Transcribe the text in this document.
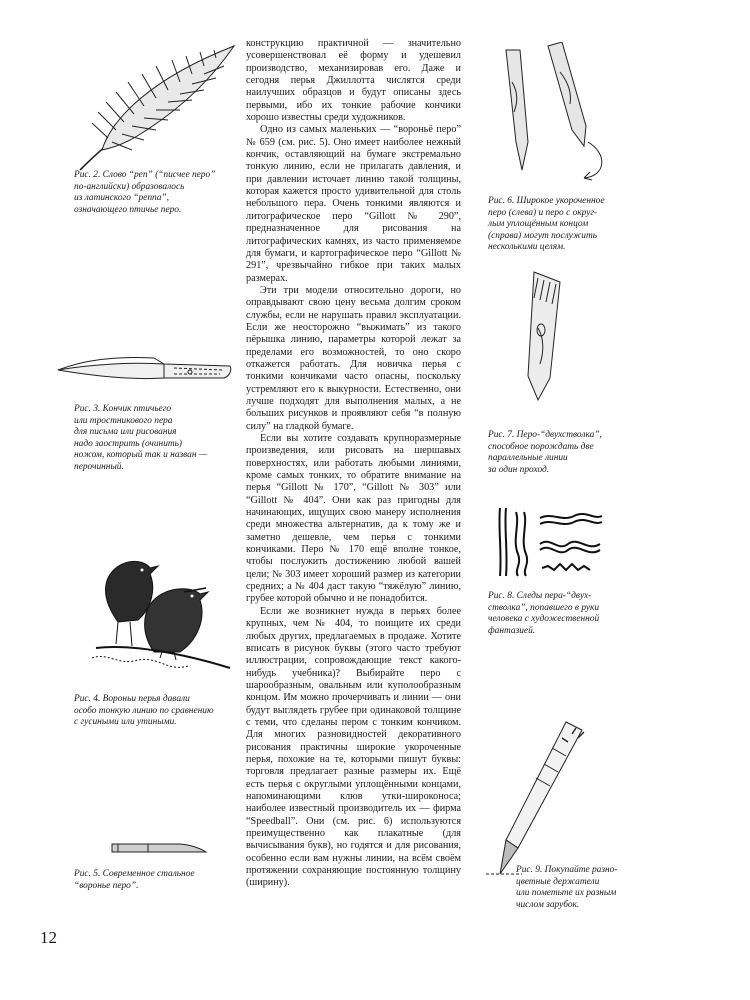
Рис. 2. Слово “pen” (“писчее перо”
по-английски) образовалось
из латинского “penna”,
означающего птичье перо.
Рис. 3. Кончик птичьего
или тростникового пера
для письма или рисования
надо заострить (очинить)
ножом, который так и назван —
перочинный.
Рис. 4. Вороньи перья давали
особо тонкую линию по сравнению
с гусиными или утиными.
Рис. 5. Современное стальное
“воронье перо”.

конструкцию практичной — значительно усовершенствовал её форму и удешевил производство, механизировав его. Даже и сегодня перья Джиллотта числятся среди наилучших образцов и будут описаны здесь первыми, ибо их тонкие рабочие кончики хорошо известны среди художников.

Одно из самых маленьких — “вороньё перо” № 659 (см. рис. 5). Оно имеет наиболее нежный кончик, оставляющий на бумаге экстремально тонкую линию, если не прилагать давления, и при давлении источает линию такой толщины, которая кажется просто удивительной для столь небольшого пера. Очень тонкими являются и литографическое перо “Gillott № 290”, предназначенное для рисования на литографических камнях, из часто применяемое для бумаги, и картографическое перо “Gillott № 291”, чрезвычайно гибкое при таких малых размерах.

Эти три модели относительно дороги, но оправдывают свою цену весьма долгим сроком службы, если не нарушать правил эксплуатации. Если же неосторожно “выжимать” из такого пёрышка линию, параметры которой лежат за пределами его возможностей, то оно скоро откажется работать. Для новичка перья с тонкими кончиками часто опасны, поскольку устремляют его к выкурности. Естественно, они лучше подходят для выполнения малых, а не больших рисунков и проявляют себя “в полную силу” на гладкой бумаге.

Если вы хотите создавать крупноразмерные произведения, или рисовать на шершавых поверхностях, или работать любыми линиями, кроме самых тонких, то обратите внимание на перья “Gillott № 170”, “Gillott № 303” или “Gillott № 404”. Они как раз пригодны для начинающих, ищущих свою манеру исполнения среди множества альтернатив, да к тому же и заметно дешевле, чем перья с тонкими кончиками. Перо № 170 ещё вполне тонкое, чтобы послужить достижению любой вашей цели; № 303 имеет хороший размер из категории средних; а № 404 даст такую “тяжёлую” линию, грубее которой обычно и не понадобится.

Если же возникнет нужда в перьях более крупных, чем № 404, то поищите их среди любых других, предлагаемых в продаже. Хотите вписать в рисунок буквы (этого часто требуют иллюстрации, сопровождающие текст какого-нибудь учебника)? Выбирайте перо с шарообразным, овальным или куполообразным концом. Им можно прочерчивать и линии — они будут выглядеть грубее при одинаковой толщине с теми, что сделаны пером с тонким кончиком. Для многих разновидностей декоративного рисования практичны широкие укороченные перья, похожие на те, которыми пишут буквы: торговля предлагает разные размеры их. Ещё есть перья с округлыми уплощёнными концами, напоминающими клюв утки-широконоса; наиболее известный производитель их — фирма “Speedball”. Они (см. рис. 6) используются преимущественно как плакатные (для вычисывания букв), но годятся и для рисования, особенно если вам нужны линии, на всём своём протяжении сохраняющие постоянную толщину (ширину).

Рис. 6. Широкое укороченное
перо (слева) и перо с округ-
лым уплощённым концом
(справа) могут послужить
несколькими целям.
Рис. 7. Перо-“двухстволка”,
способное порождать две
параллельные линии
за один проход.
Рис. 8. Следы пера-“двух-
стволка”, попавшего в руки
человека с художественной
фантазией.
Рис. 9. Покупайте разно-
цветные держатели
или пометьте их разным
числом зарубок.
12
